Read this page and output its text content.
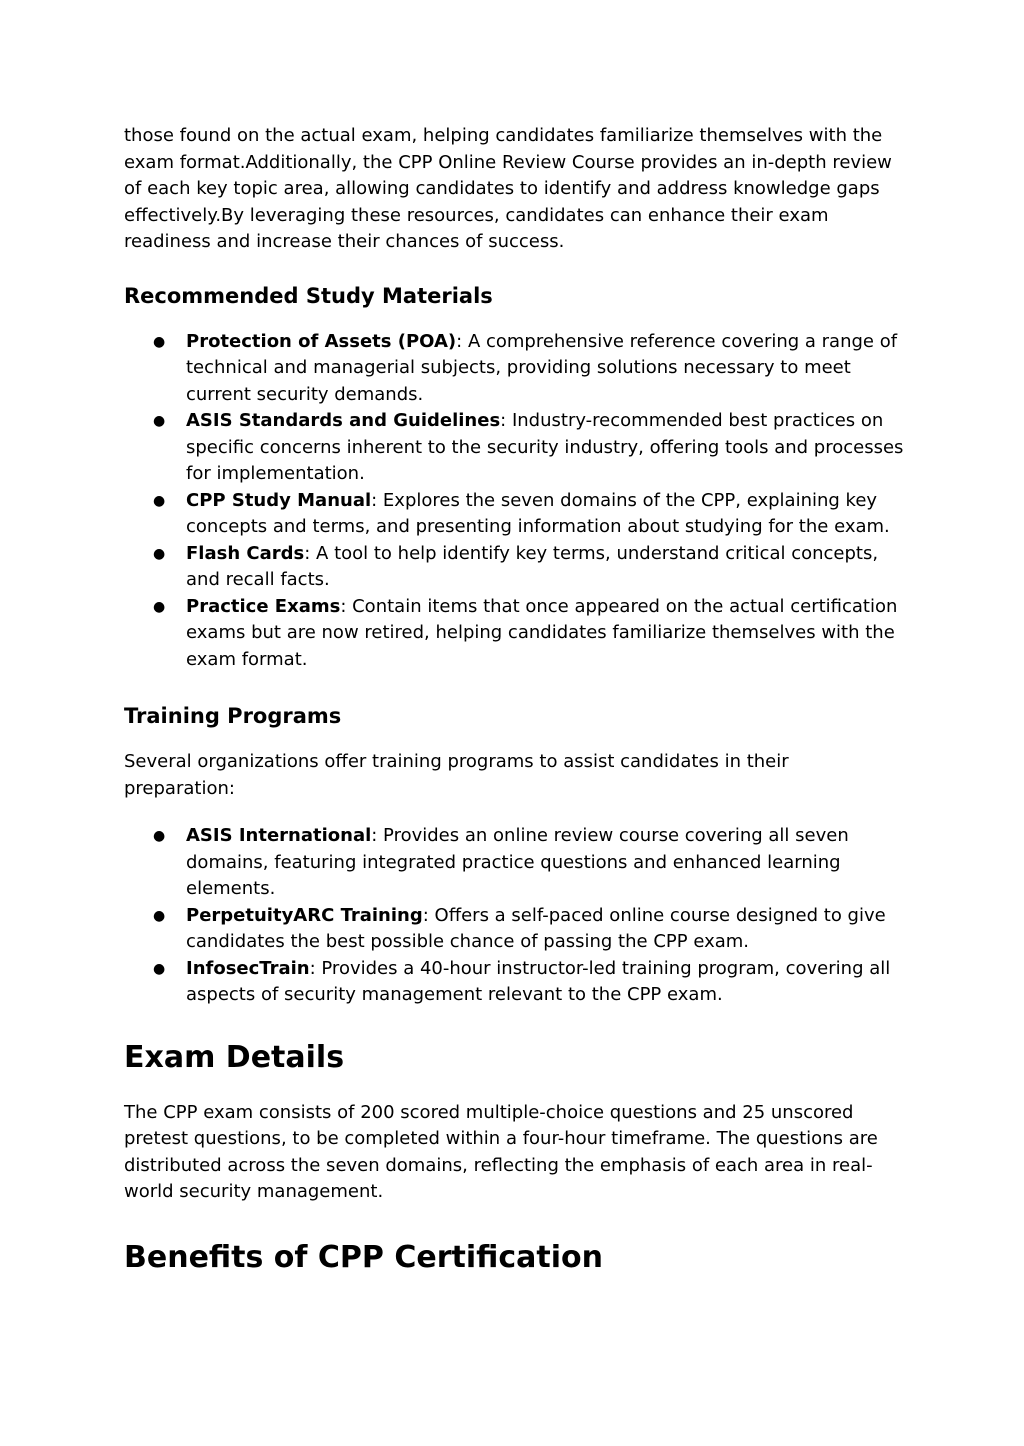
those found on the actual exam, helping candidates familiarize themselves with the exam format.Additionally, the CPP Online Review Course provides an in-depth review of each key topic area, allowing candidates to identify and address knowledge gaps effectively.By leveraging these resources, candidates can enhance their exam readiness and increase their chances of success.

Recommended Study Materials
● Protection of Assets (POA): A comprehensive reference covering a range of technical and managerial subjects, providing solutions necessary to meet current security demands.
● ASIS Standards and Guidelines: Industry-recommended best practices on specific concerns inherent to the security industry, offering tools and processes for implementation.
● CPP Study Manual: Explores the seven domains of the CPP, explaining key concepts and terms, and presenting information about studying for the exam.
● Flash Cards: A tool to help identify key terms, understand critical concepts, and recall facts.
● Practice Exams: Contain items that once appeared on the actual certification exams but are now retired, helping candidates familiarize themselves with the exam format.
Training Programs

Several organizations offer training programs to assist candidates in their preparation:

● ASIS International: Provides an online review course covering all seven domains, featuring integrated practice questions and enhanced learning elements.
● PerpetuityARC Training: Offers a self-paced online course designed to give candidates the best possible chance of passing the CPP exam.
● InfosecTrain: Provides a 40-hour instructor-led training program, covering all aspects of security management relevant to the CPP exam.
Exam Details

The CPP exam consists of 200 scored multiple-choice questions and 25 unscored pretest questions, to be completed within a four-hour timeframe. The questions are distributed across the seven domains, reflecting the emphasis of each area in real-world security management.

Benefits of CPP Certification
